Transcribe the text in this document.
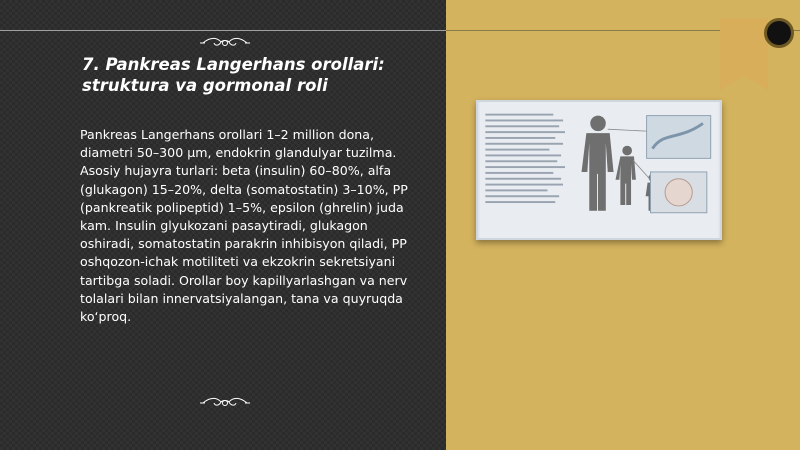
7. Pankreas Langerhans orollari: struktura va gormonal roli

Pankreas Langerhans orollari 1–2 million dona, diametri 50–300 µm, endokrin glandulyar tuzilma. Asosiy hujayra turlari: beta (insulin) 60–80%, alfa (glukagon) 15–20%, delta (somatostatin) 3–10%, PP (pankreatik polipeptid) 1–5%, epsilon (ghrelin) juda kam. Insulin glyukozani pasaytiradi, glukagon oshiradi, somatostatin parakrin inhibisyon qiladi, PP oshqozon-ichak motiliteti va ekzokrin sekretsiyani tartibga soladi. Orollar boy kapillyarlashgan va nerv tolalari bilan innervatsiyalangan, tana va quyruqda ko‘proq.
